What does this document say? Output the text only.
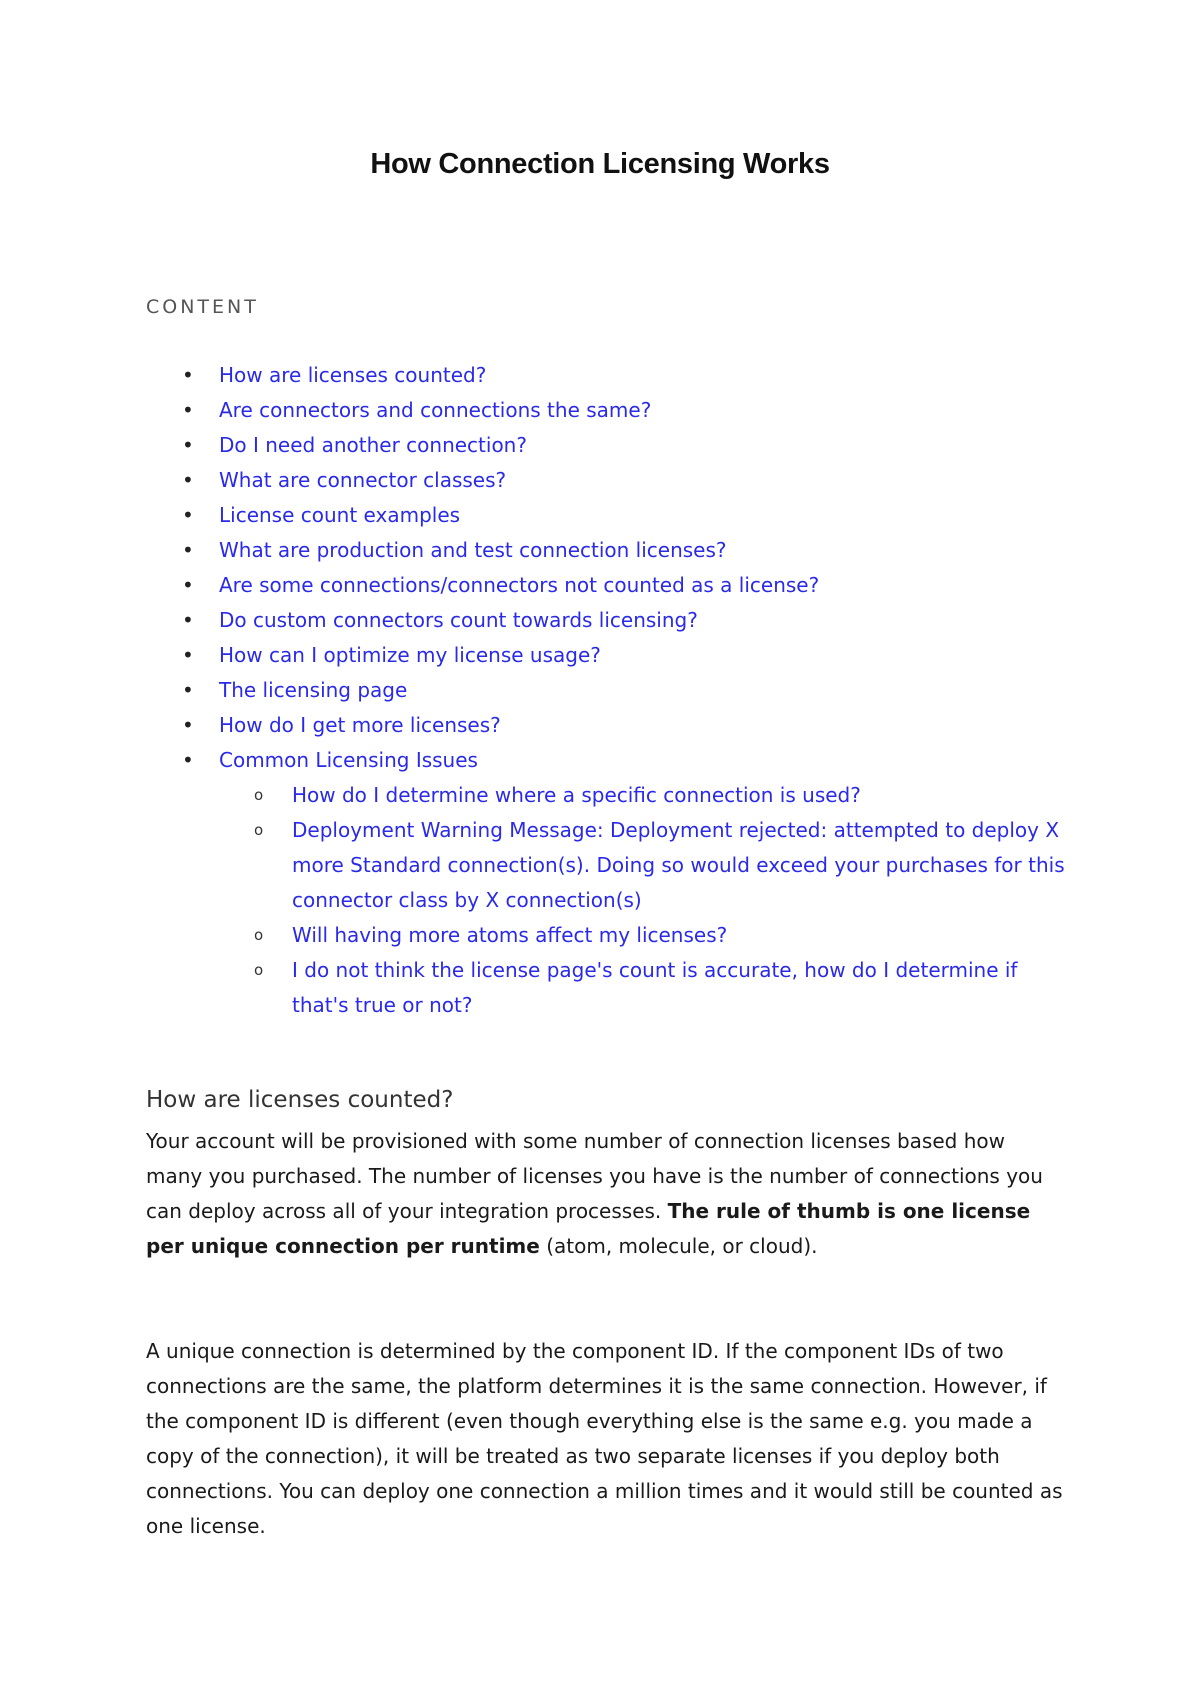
How Connection Licensing Works
CONTENT
• How are licenses counted?
• Are connectors and connections the same?
• Do I need another connection?
• What are connector classes?
• License count examples
• What are production and test connection licenses?
• Are some connections/connectors not counted as a license?
• Do custom connectors count towards licensing?
• How can I optimize my license usage?
• The licensing page
• How do I get more licenses?
• Common Licensing Issues
o How do I determine where a specific connection is used?
o Deployment Warning Message: Deployment rejected: attempted to deploy X more Standard connection(s). Doing so would exceed your purchases for this connector class by X connection(s)
o Will having more atoms affect my licenses?
o I do not think the license page's count is accurate, how do I determine if that's true or not?
How are licenses counted?

Your account will be provisioned with some number of connection licenses based how many you purchased. The number of licenses you have is the number of connections you can deploy across all of your integration processes. The rule of thumb is one license per unique connection per runtime (atom, molecule, or cloud).

A unique connection is determined by the component ID. If the component IDs of two connections are the same, the platform determines it is the same connection. However, if the component ID is different (even though everything else is the same e.g. you made a copy of the connection), it will be treated as two separate licenses if you deploy both connections. You can deploy one connection a million times and it would still be counted as one license.
